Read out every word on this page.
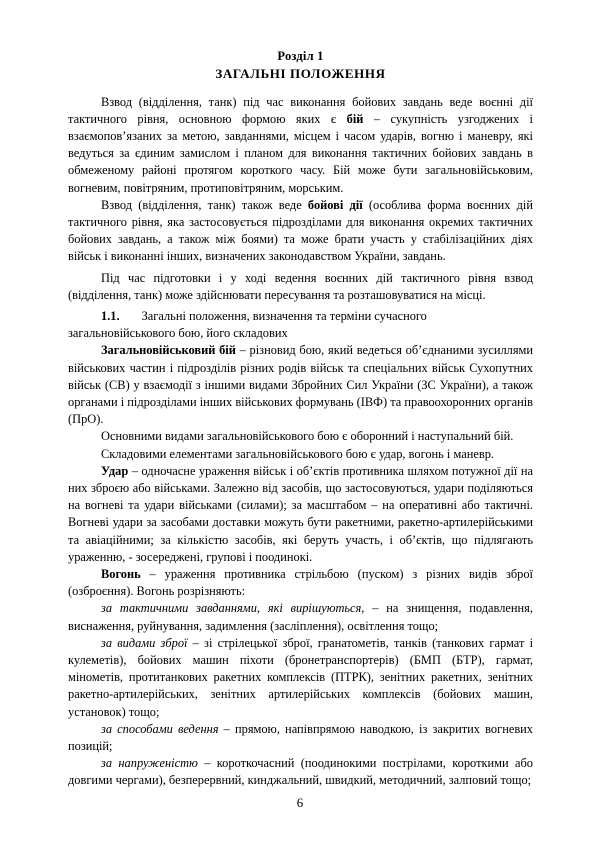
Розділ 1
ЗАГАЛЬНІ ПОЛОЖЕННЯ

Взвод (відділення, танк) під час виконання бойових завдань веде воєнні дії тактичного рівня, основною формою яких є бій – сукупність узгоджених і взаємопов’язаних за метою, завданнями, місцем і часом ударів, вогню і маневру, які ведуться за єдиним замислом і планом для виконання тактичних бойових завдань в обмеженому районі протягом короткого часу. Бій може бути загальновійськовим, вогневим, повітряним, протиповітряним, морським.

Взвод (відділення, танк) також веде бойові дії (особлива форма воєнних дій тактичного рівня, яка застосовується підрозділами для виконання окремих тактичних бойових завдань, а також між боями) та може брати участь у стабілізаційних діях військ і виконанні інших, визначених законодавством України, завдань.

Під час підготовки і у ході ведення воєнних дій тактичного рівня взвод (відділення, танк) може здійснювати пересування та розташовуватися на місці.

1.1. Загальні положення, визначення та терміни сучасного

загальновійськового бою, його складових

Загальновійськовий бій – різновид бою, який ведеться об’єднаними зусиллями військових частин і підрозділів різних родів військ та спеціальних військ Сухопутних військ (СВ) у взаємодії з іншими видами Збройних Сил України (ЗС України), а також органами і підрозділами інших військових формувань (ІВФ) та правоохоронних органів (ПрО).

Основними видами загальновійськового бою є оборонний і наступальний бій.

Складовими елементами загальновійськового бою є удар, вогонь і маневр.

Удар – одночасне ураження військ і об’єктів противника шляхом потужної дії на них зброєю або військами. Залежно від засобів, що застосовуються, удари поділяються на вогневі та удари військами (силами); за масштабом – на оперативні або тактичні. Вогневі удари за засобами доставки можуть бути ракетними, ракетно-артилерійськими та авіаційними; за кількістю засобів, які беруть участь, і об’єктів, що підлягають ураженню, - зосереджені, групові і поодинокі.

Вогонь – ураження противника стрільбою (пуском) з різних видів зброї (озброєння). Вогонь розрізняють:

за тактичними завданнями, які вирішуються, – на знищення, подавлення, виснаження, руйнування, задимлення (засліплення), освітлення тощо;

за видами зброї – зі стрілецької зброї, гранатометів, танків (танкових гармат і кулеметів), бойових машин піхоти (бронетранспортерів) (БМП (БТР), гармат, мінометів, протитанкових ракетних комплексів (ПТРК), зенітних ракетних, зенітних ракетно-артилерійських, зенітних артилерійських комплексів (бойових машин, установок) тощо;

за способами ведення – прямою, напівпрямою наводкою, із закритих вогневих позицій;

за напруженістю – короткочасний (поодинокими пострілами, короткими або довгими чергами), безперервний, кинджальний, швидкий, методичний, залповий тощо;

6
